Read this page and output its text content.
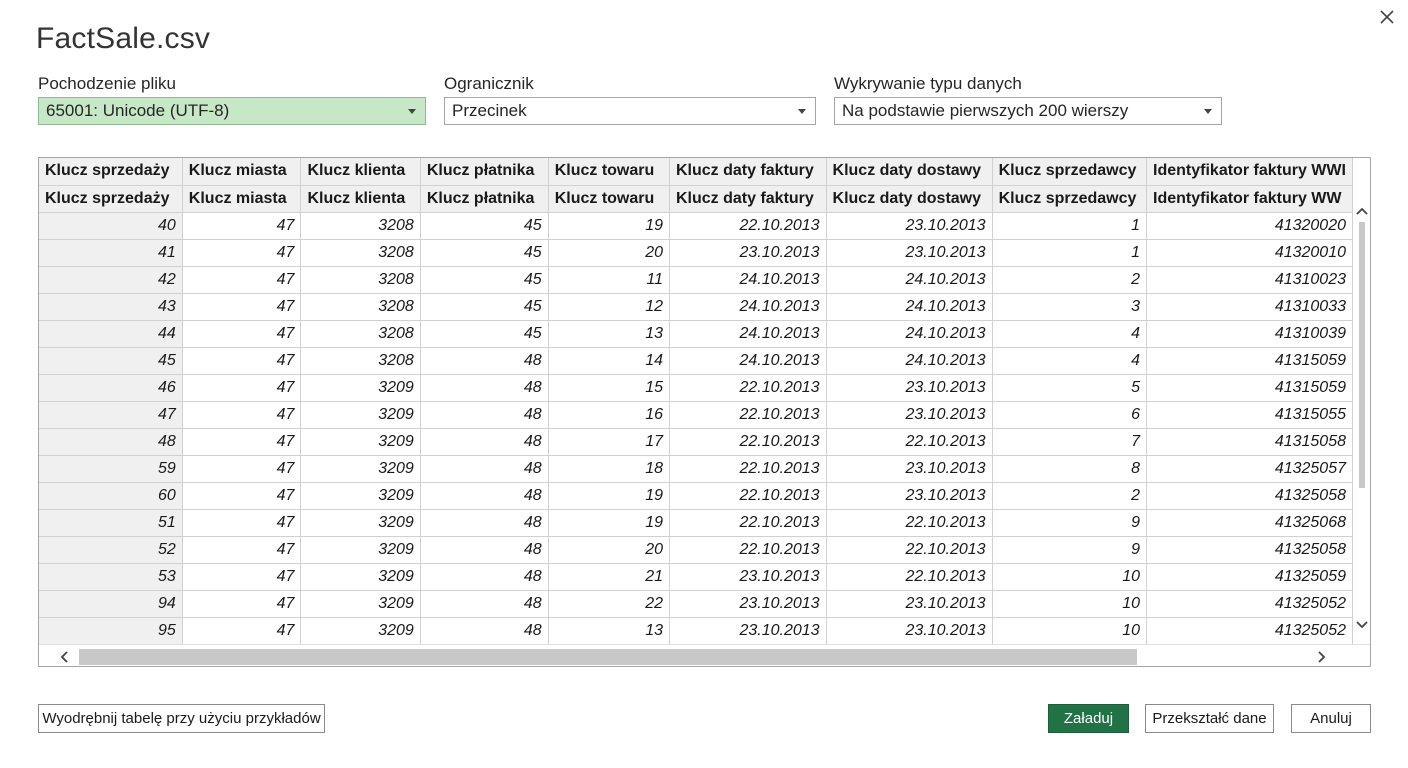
FactSale.csv
Pochodzenie pliku	Ogranicznik	Wykrywanie typu danych
65001: Unicode (UTF-8)	Przecinek	Na podstawie pierwszych 200 wierszy
Klucz sprzedaży	Klucz miasta	Klucz klienta	Klucz płatnika	Klucz towaru	Klucz daty faktury	Klucz daty dostawy	Klucz sprzedawcy	Identyfikator faktury WWI
Klucz sprzedaży	Klucz miasta	Klucz klienta	Klucz płatnika	Klucz towaru	Klucz daty faktury	Klucz daty dostawy	Klucz sprzedawcy	Identyfikator faktury WW
40	47	3208	45	19	22.10.2013	23.10.2013	1	41320020
41	47	3208	45	20	23.10.2013	23.10.2013	1	41320010
42	47	3208	45	11	24.10.2013	24.10.2013	2	41310023
43	47	3208	45	12	24.10.2013	24.10.2013	3	41310033
44	47	3208	45	13	24.10.2013	24.10.2013	4	41310039
45	47	3208	48	14	24.10.2013	24.10.2013	4	41315059
46	47	3209	48	15	22.10.2013	23.10.2013	5	41315059
47	47	3209	48	16	22.10.2013	23.10.2013	6	41315055
48	47	3209	48	17	22.10.2013	22.10.2013	7	41315058
59	47	3209	48	18	22.10.2013	23.10.2013	8	41325057
60	47	3209	48	19	22.10.2013	23.10.2013	2	41325058
51	47	3209	48	19	22.10.2013	22.10.2013	9	41325068
52	47	3209	48	20	22.10.2013	22.10.2013	9	41325058
53	47	3209	48	21	23.10.2013	22.10.2013	10	41325059
94	47	3209	48	22	23.10.2013	23.10.2013	10	41325052
95	47	3209	48	13	23.10.2013	23.10.2013	10	41325052
Wyodrębnij tabelę przy użyciu przykładów	Załaduj	Przekształć dane	Anuluj
